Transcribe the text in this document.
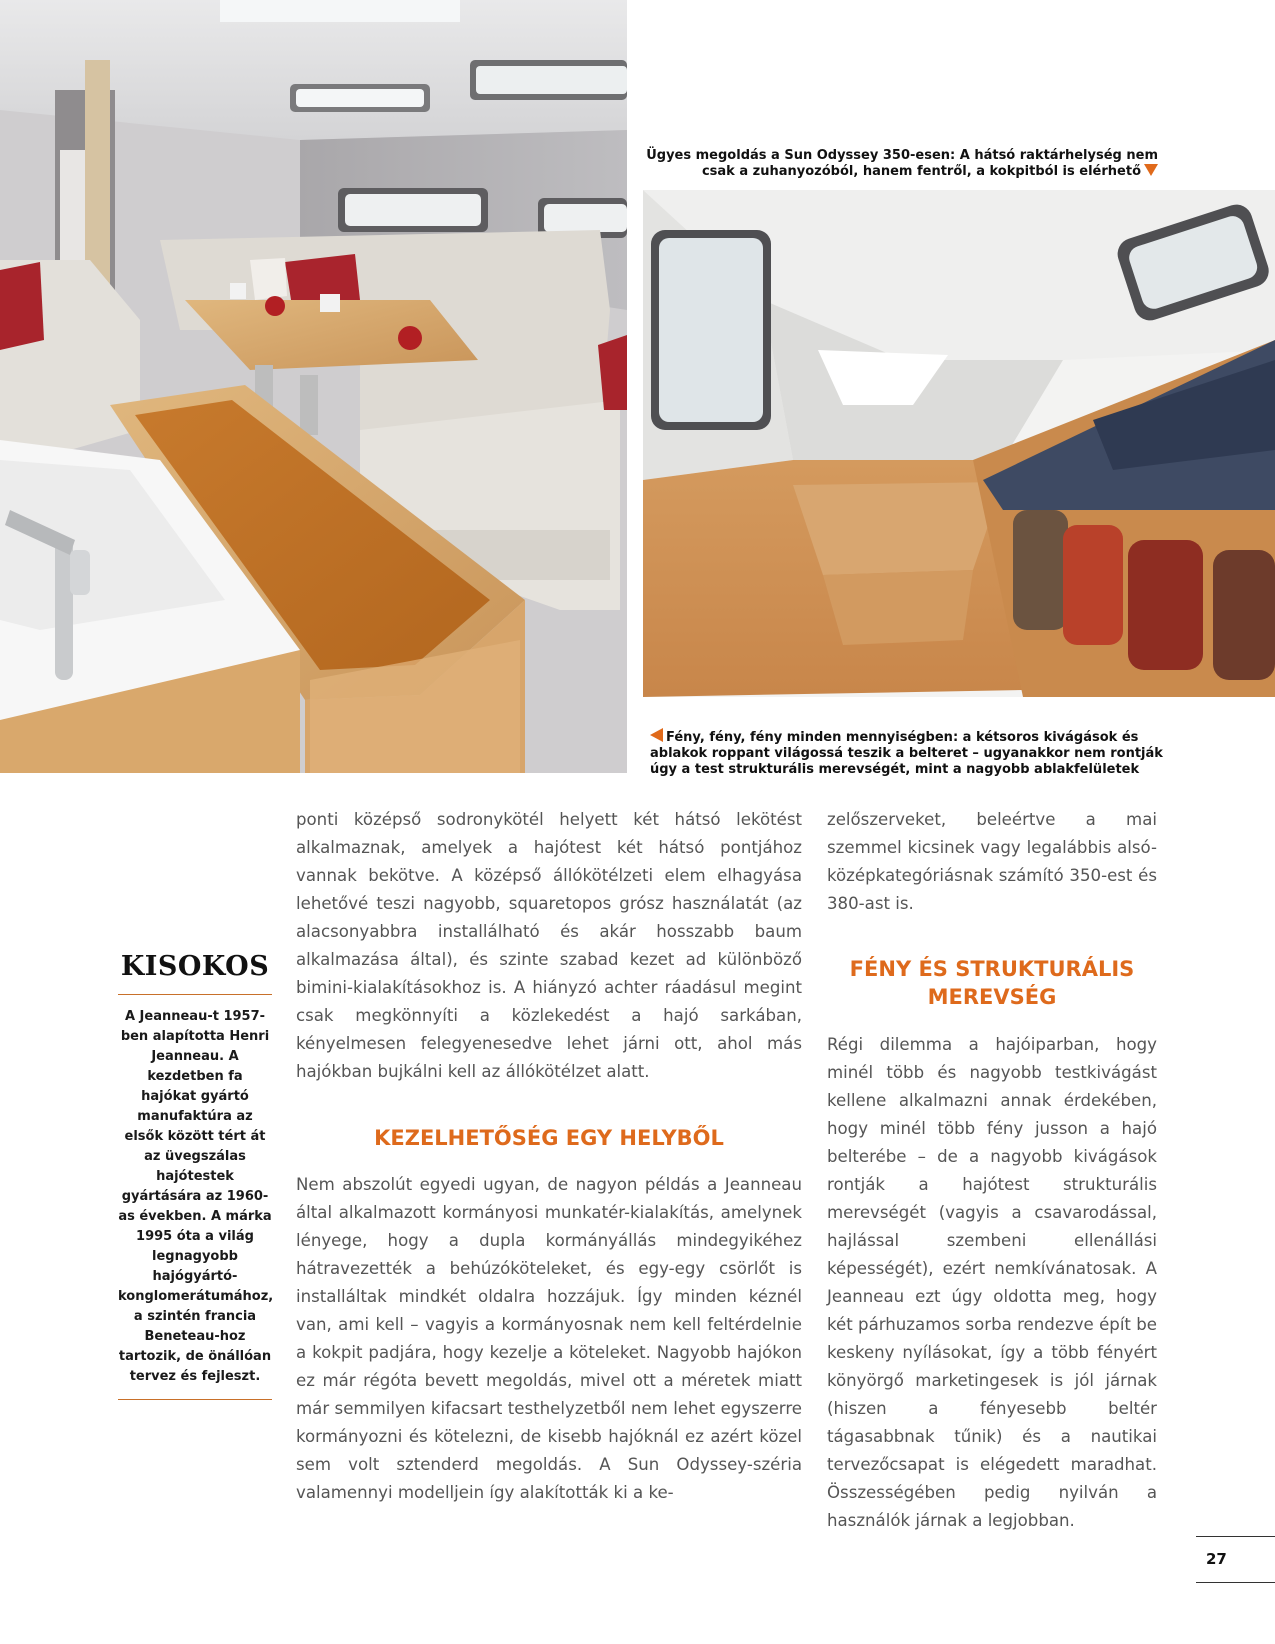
Ügyes megoldás a Sun Odyssey 350-esen: A hátsó raktárhelység nem csak a zuhanyozóból, hanem fentről, a kokpitból is elérhető
Fény, fény, fény minden mennyiségben: a kétsoros kivágások és ablakok roppant világossá teszik a belteret – ugyanakkor nem rontják úgy a test strukturális merevségét, mint a nagyobb ablakfelületek
KISOKOS

A Jeanneau-t 1957-ben alapította Henri Jeanneau. A kezdetben fa hajókat gyártó manufaktúra az elsők között tért át az üvegszálas hajótestek gyártására az 1960-as években. A márka 1995 óta a világ legnagyobb hajógyártó-konglomerátumához, a szintén francia Beneteau-hoz tartozik, de önállóan tervez és fejleszt.

ponti középső sodronykötél helyett két hátsó lekötést alkalmaznak, amelyek a hajótest két hátsó pontjához vannak bekötve. A középső állókötélzeti elem elhagyása lehetővé teszi nagyobb, squaretopos grósz használatát (az alacsonyabbra installálható és akár hosszabb baum alkalmazása által), és szinte szabad kezet ad különböző bimini-kialakításokhoz is. A hiányzó achter ráadásul megint csak megkönnyíti a közlekedést a hajó sarkában, kényelmesen felegyenesedve lehet járni ott, ahol más hajókban bujkálni kell az állókötélzet alatt.

KEZELHETŐSÉG EGY HELYBŐL

Nem abszolút egyedi ugyan, de nagyon példás a Jeanneau által alkalmazott kormányosi munkatér-kialakítás, amelynek lényege, hogy a dupla kormányállás mindegyikéhez hátravezették a behúzóköteleket, és egy-egy csörlőt is installáltak mindkét oldalra hozzájuk. Így minden kéznél van, ami kell – vagyis a kormányosnak nem kell feltérdelnie a kokpit padjára, hogy kezelje a köteleket. Nagyobb hajókon ez már régóta bevett megoldás, mivel ott a méretek miatt már semmilyen kifacsart testhelyzetből nem lehet egyszerre kormányozni és kötelezni, de kisebb hajóknál ez azért közel sem volt sztenderd megoldás. A Sun Odyssey-széria valamennyi modelljein így alakították ki a ke-

zelőszerveket, beleértve a mai szemmel kicsinek vagy legalábbis alsó-középkategóriásnak számító 350-est és 380-ast is.

FÉNY ÉS STRUKTURÁLIS MEREVSÉG

Régi dilemma a hajóiparban, hogy minél több és nagyobb testkivágást kellene alkalmazni annak érdekében, hogy minél több fény jusson a hajó belterébe – de a nagyobb kivágások rontják a hajótest strukturális merevségét (vagyis a csavarodással, hajlással szembeni ellenállási képességét), ezért nemkívánatosak. A Jeanneau ezt úgy oldotta meg, hogy két párhuzamos sorba rendezve épít be keskeny nyílásokat, így a több fényért könyörgő marketingesek is jól járnak (hiszen a fényesebb beltér tágasabbnak tűnik) és a nautikai tervezőcsapat is elégedett maradhat. Összességében pedig nyilván a használók járnak a legjobban.

27
